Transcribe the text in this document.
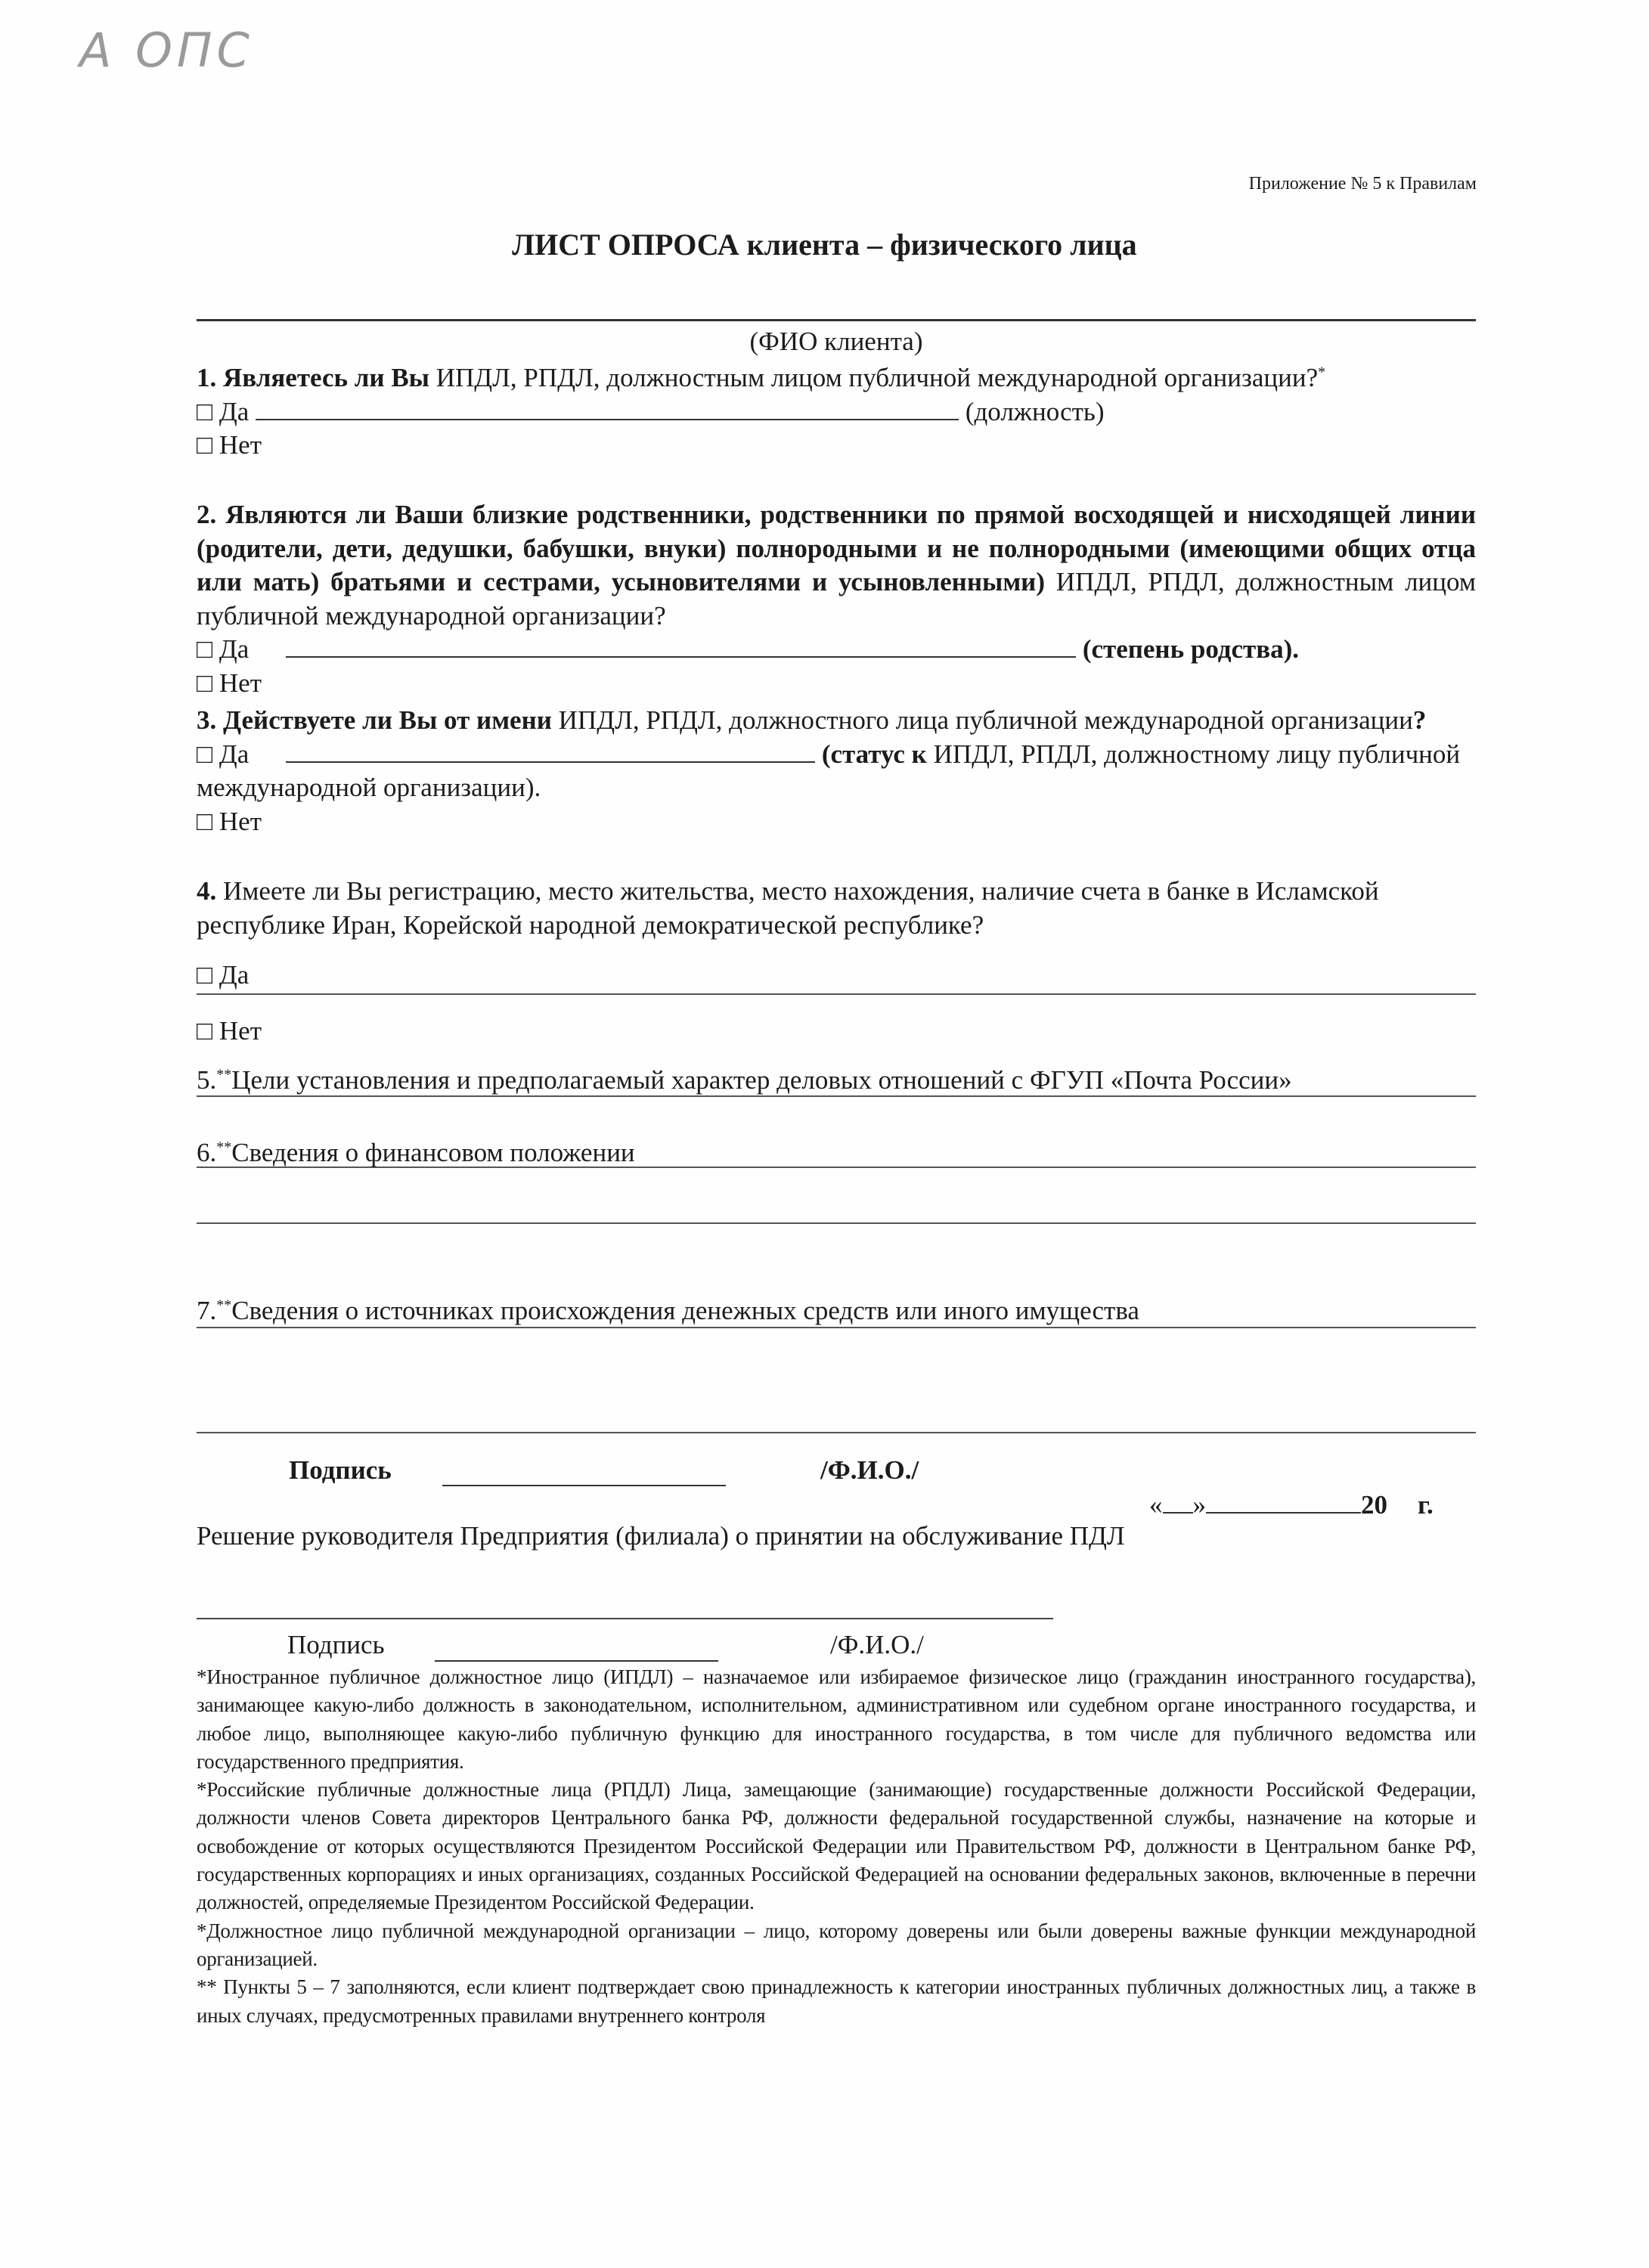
А ОПС
Приложение № 5 к Правилам
ЛИСТ ОПРОСА клиента – физического лица
(ФИО клиента)
1. Являетесь ли Вы ИПДЛ, РПДЛ, должностным лицом публичной международной организации?*
□ Да	(должность)
□ Нет
2. Являются ли Ваши близкие родственники, родственники по прямой восходящей и нисходящей линии (родители, дети, дедушки, бабушки, внуки) полнородными и не полнородными (имеющими общих отца или мать) братьями и сестрами, усыновителями и усыновленными) ИПДЛ, РПДЛ, должностным лицом публичной международной организации?
□ Да	(степень родства).
□ Нет
3. Действуете ли Вы от имени ИПДЛ, РПДЛ, должностного лица публичной международной организации?
□ Да	(статус к ИПДЛ, РПДЛ, должностному лицу публичной международной организации).
□ Нет
4. Имеете ли Вы регистрацию, место жительства, место нахождения, наличие счета в банке в Исламской республике Иран, Корейской народной демократической республике?
□ Да
□ Нет
5.**Цели установления и предполагаемый характер деловых отношений с ФГУП «Почта России»
6.**Сведения о финансовом положении
7.**Сведения о источниках происхождения денежных средств или иного имущества
Подпись	/Ф.И.О./
« »	20 г.
Решение руководителя Предприятия (филиала) о принятии на обслуживание ПДЛ
Подпись	/Ф.И.О./

*Иностранное публичное должностное лицо (ИПДЛ) – назначаемое или избираемое физическое лицо (гражданин иностранного государства), занимающее какую-либо должность в законодательном, исполнительном, административном или судебном органе иностранного государства, и любое лицо, выполняющее какую-либо публичную функцию для иностранного государства, в том числе для публичного ведомства или государственного предприятия.

*Российские публичные должностные лица (РПДЛ) Лица, замещающие (занимающие) государственные должности Российской Федерации, должности членов Совета директоров Центрального банка РФ, должности федеральной государственной службы, назначение на которые и освобождение от которых осуществляются Президентом Российской Федерации или Правительством РФ, должности в Центральном банке РФ, государственных корпорациях и иных организациях, созданных Российской Федерацией на основании федеральных законов, включенные в перечни должностей, определяемые Президентом Российской Федерации.

*Должностное лицо публичной международной организации – лицо, которому доверены или были доверены важные функции международной организацией.

** Пункты 5 – 7 заполняются, если клиент подтверждает свою принадлежность к категории иностранных публичных должностных лиц, а также в иных случаях, предусмотренных правилами внутреннего контроля
